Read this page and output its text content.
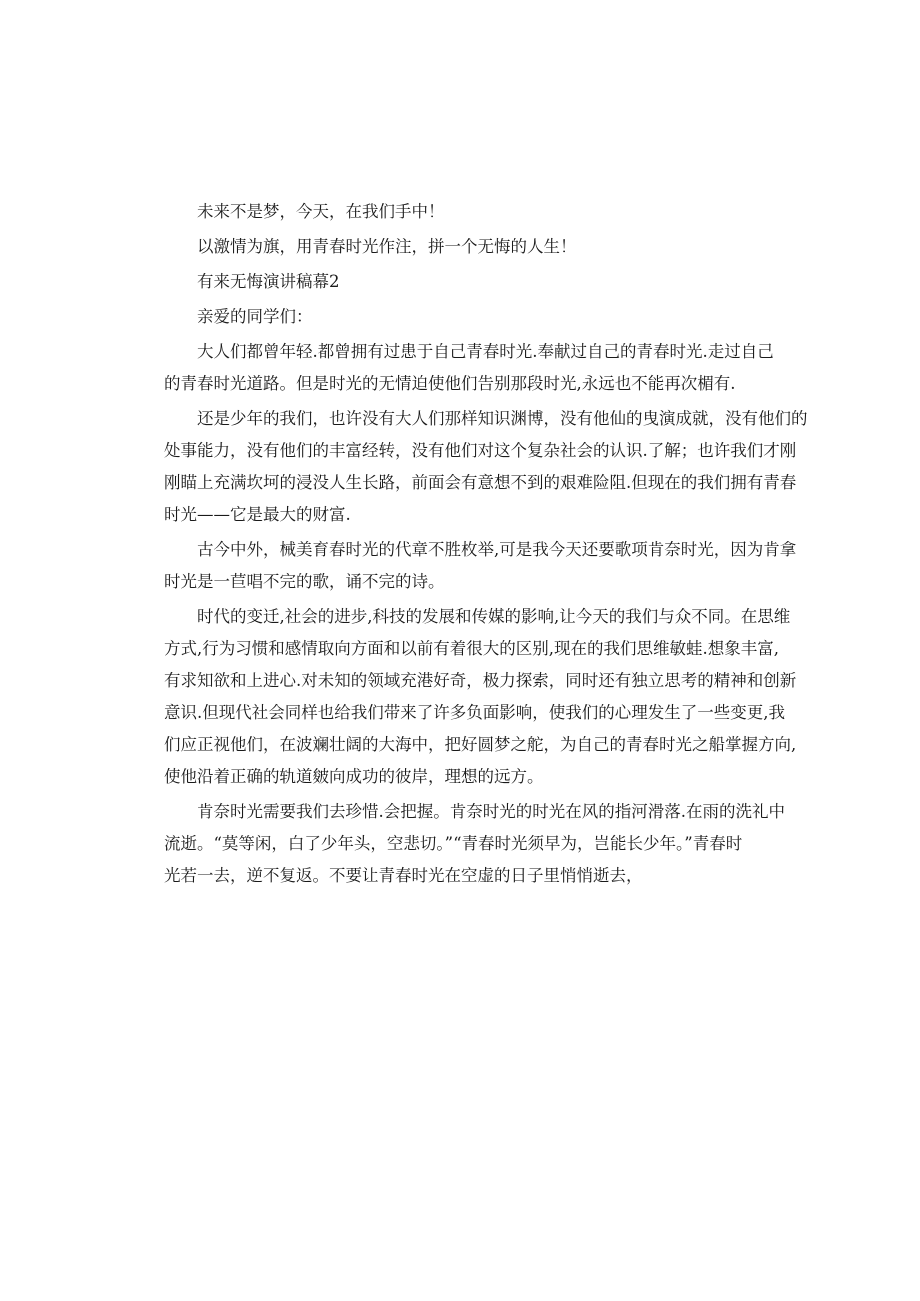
未来不是梦，今天，在我们手中！

以激情为旗，用青春时光作注，拼一个无悔的人生！

有来无悔演讲稿幕2

亲爱的同学们：

大人们都曾年轻.都曾拥有过患于自己青春时光.奉献过自己的青春时光.走过自己

的青春时光道路。但是时光的无情迫使他们告别那段时光,永远也不能再次楣有.

还是少年的我们，也许没有大人们那样知识渊博，没有他仙的曳演成就，没有他们的

处事能力，没有他们的丰富经转，没有他们对这个复杂社会的认识.了解；也许我们才刚

刚瞄上充满坎坷的浸没人生长路，前面会有意想不到的艰难险阻.但现在的我们拥有青春

时光——它是最大的财富.

古今中外，械美育春时光的代章不胜枚举,可是我今天还要歌项肯奈时光，因为肯拿

时光是一苣唱不完的歌，诵不完的诗。

时代的变迁,社会的进步,科技的发展和传媒的影响,让今天的我们与众不同。在思维

方式,行为习惯和感情取向方面和以前有着很大的区别,现在的我们思维敏蛙.想象丰富,

有求知欲和上进心.对未知的领域充港好奇，极力探索，同时还有独立思考的精神和创新

意识.但现代社会同样也给我们带来了许多负面影响，使我们的心理发生了一些变更,我

们应正视他们，在波斓壮阔的大海中，把好圆梦之舵，为自己的青春时光之船掌握方向,

使他沿着正确的轨道皴向成功的彼岸，理想的远方。

肯奈时光需要我们去珍惜.会把握。肯奈时光的时光在风的指河滑落.在雨的洗礼中

流逝。“莫等闲，白了少年头，空悲切。”“青春时光须早为，岂能长少年。”青春时

光若一去，逆不复返。不要让青春时光在空虚的日子里悄悄逝去，
